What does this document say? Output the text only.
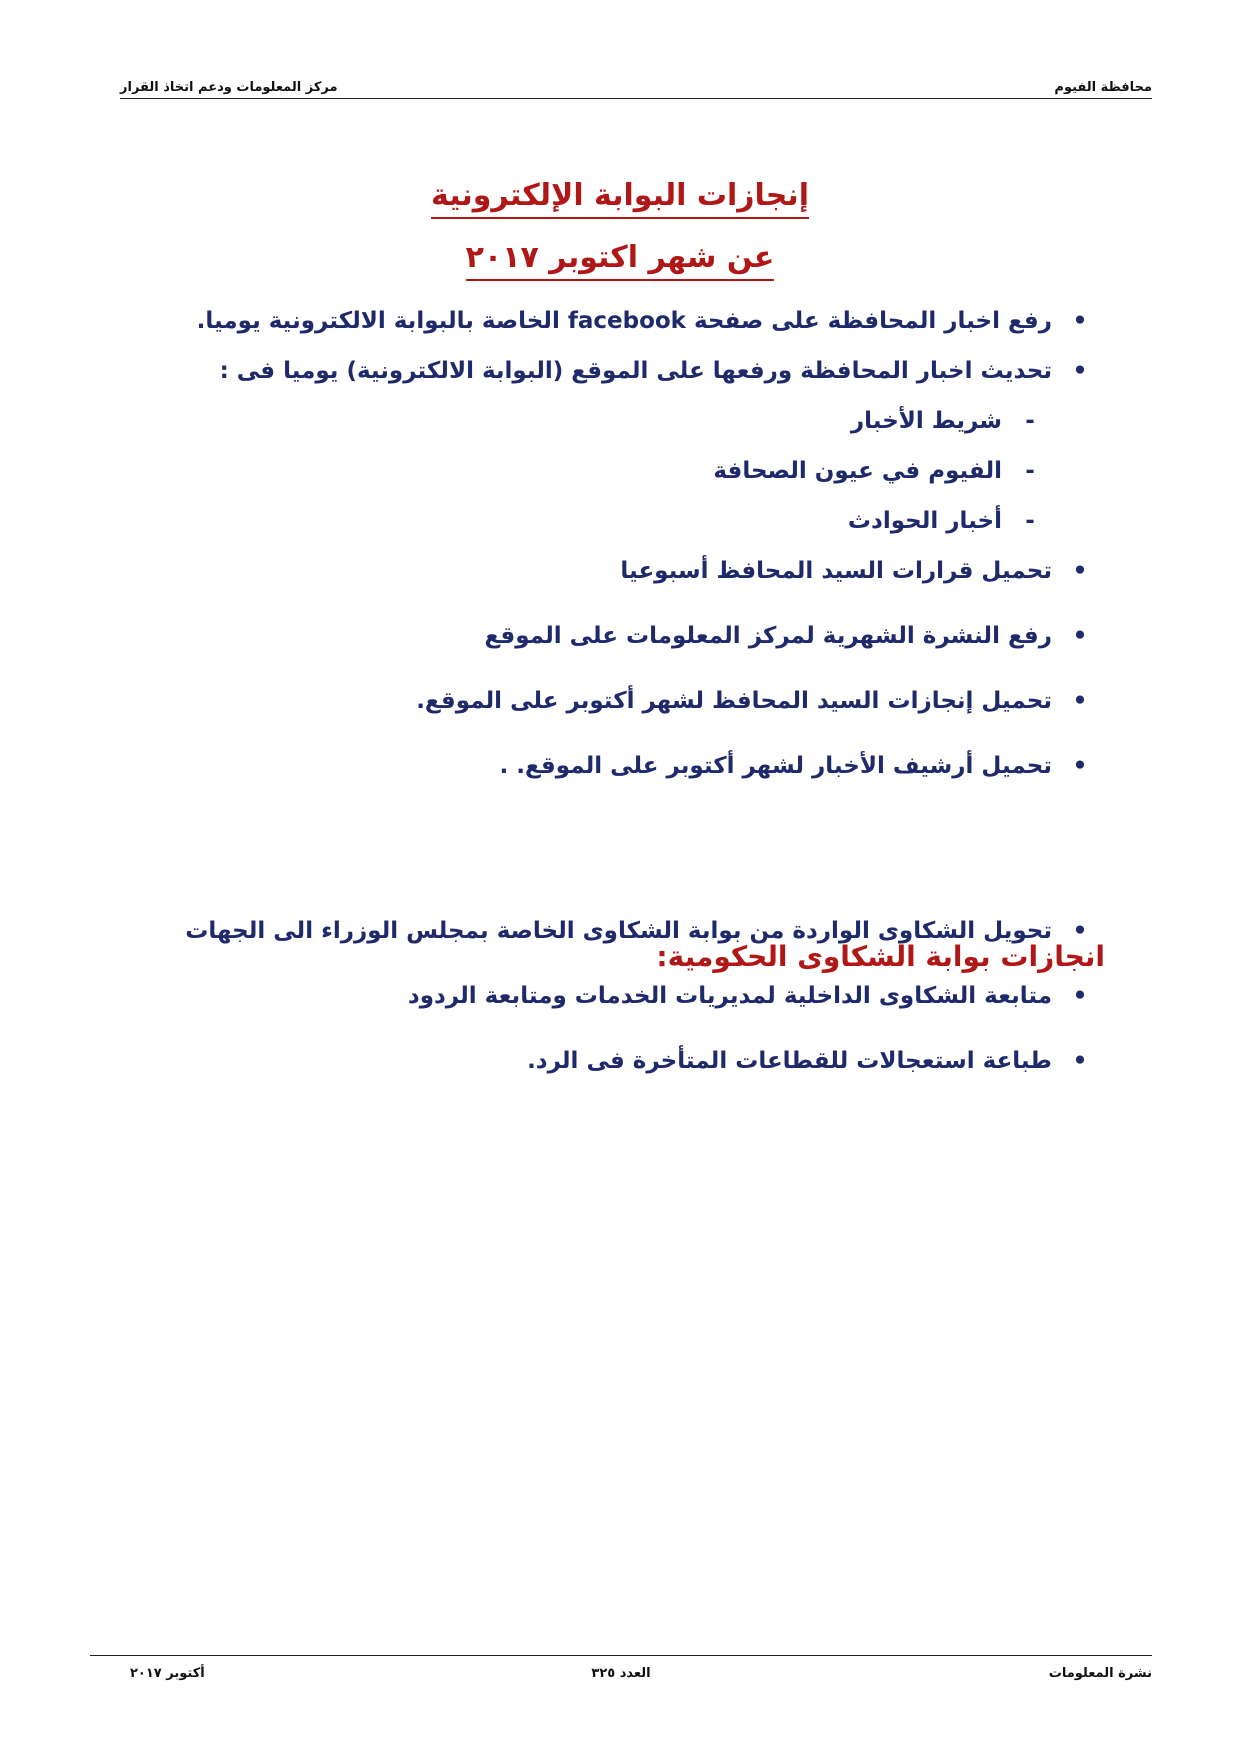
محافظة الفيوم
مركز المعلومات ودعم اتخاذ القرار
إنجازات البوابة الإلكترونية
عن شهر اكتوبر ٢٠١٧
• رفع اخبار المحافظة على صفحة facebook الخاصة بالبوابة الالكترونية يوميا.
• تحديث اخبار المحافظة ورفعها على الموقع (البوابة الالكترونية) يوميا فى :
- شريط الأخبار
- الفيوم في عيون الصحافة
- أخبار الحوادث
• تحميل قرارات السيد المحافظ أسبوعيا
• رفع النشرة الشهرية لمركز المعلومات على الموقع
• تحميل إنجازات السيد المحافظ لشهر أكتوبر على الموقع.
• تحميل أرشيف الأخبار لشهر أكتوبر على الموقع. .
انجازات بوابة الشكاوى الحكومية:
• تحويل الشكاوى الواردة من بوابة الشكاوى الخاصة بمجلس الوزراء الى الجهات
• متابعة الشكاوى الداخلية لمديريات الخدمات ومتابعة الردود
• طباعة استعجالات للقطاعات المتأخرة فى الرد.
نشرة المعلومات
العدد ٣٢٥
أكتوبر ٢٠١٧
